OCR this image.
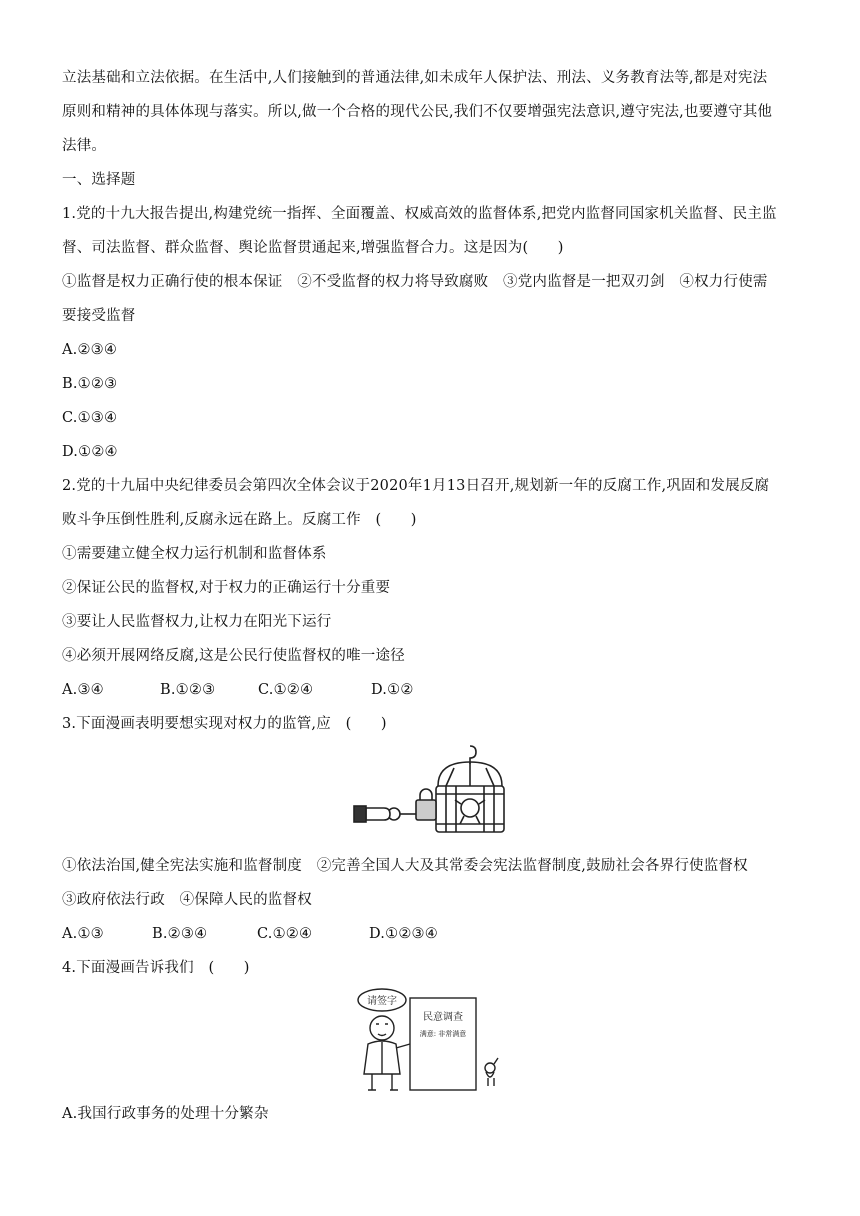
立法基础和立法依据。在生活中,人们接触到的普通法律,如未成年人保护法、刑法、义务教育法等,都是对宪法
原则和精神的具体体现与落实。所以,做一个合格的现代公民,我们不仅要增强宪法意识,遵守宪法,也要遵守其他
法律。
一、选择题
1.党的十九大报告提出,构建党统一指挥、全面覆盖、权威高效的监督体系,把党内监督同国家机关监督、民主监
督、司法监督、群众监督、舆论监督贯通起来,增强监督合力。这是因为(　　)
①监督是权力正确行使的根本保证　②不受监督的权力将导致腐败　③党内监督是一把双刃剑　④权力行使需
要接受监督
A.②③④
B.①②③
C.①③④
D.①②④
2.党的十九届中央纪律委员会第四次全体会议于2020年1月13日召开,规划新一年的反腐工作,巩固和发展反腐
败斗争压倒性胜利,反腐永远在路上。反腐工作　(　　)
①需要建立健全权力运行机制和监督体系
②保证公民的监督权,对于权力的正确运行十分重要
③要让人民监督权力,让权力在阳光下运行
④必须开展网络反腐,这是公民行使监督权的唯一途径
A.③④	B.①②③	C.①②④	D.①②
3.下面漫画表明要想实现对权力的监管,应　(　　)
①依法治国,健全宪法实施和监督制度　②完善全国人大及其常委会宪法监督制度,鼓励社会各界行使监督权
③政府依法行政　④保障人民的监督权
A.①③	B.②③④	C.①②④	D.①②③④
4.下面漫画告诉我们　(　　)
请签字
民意调查
满意: 非常满意
A.我国行政事务的处理十分繁杂
